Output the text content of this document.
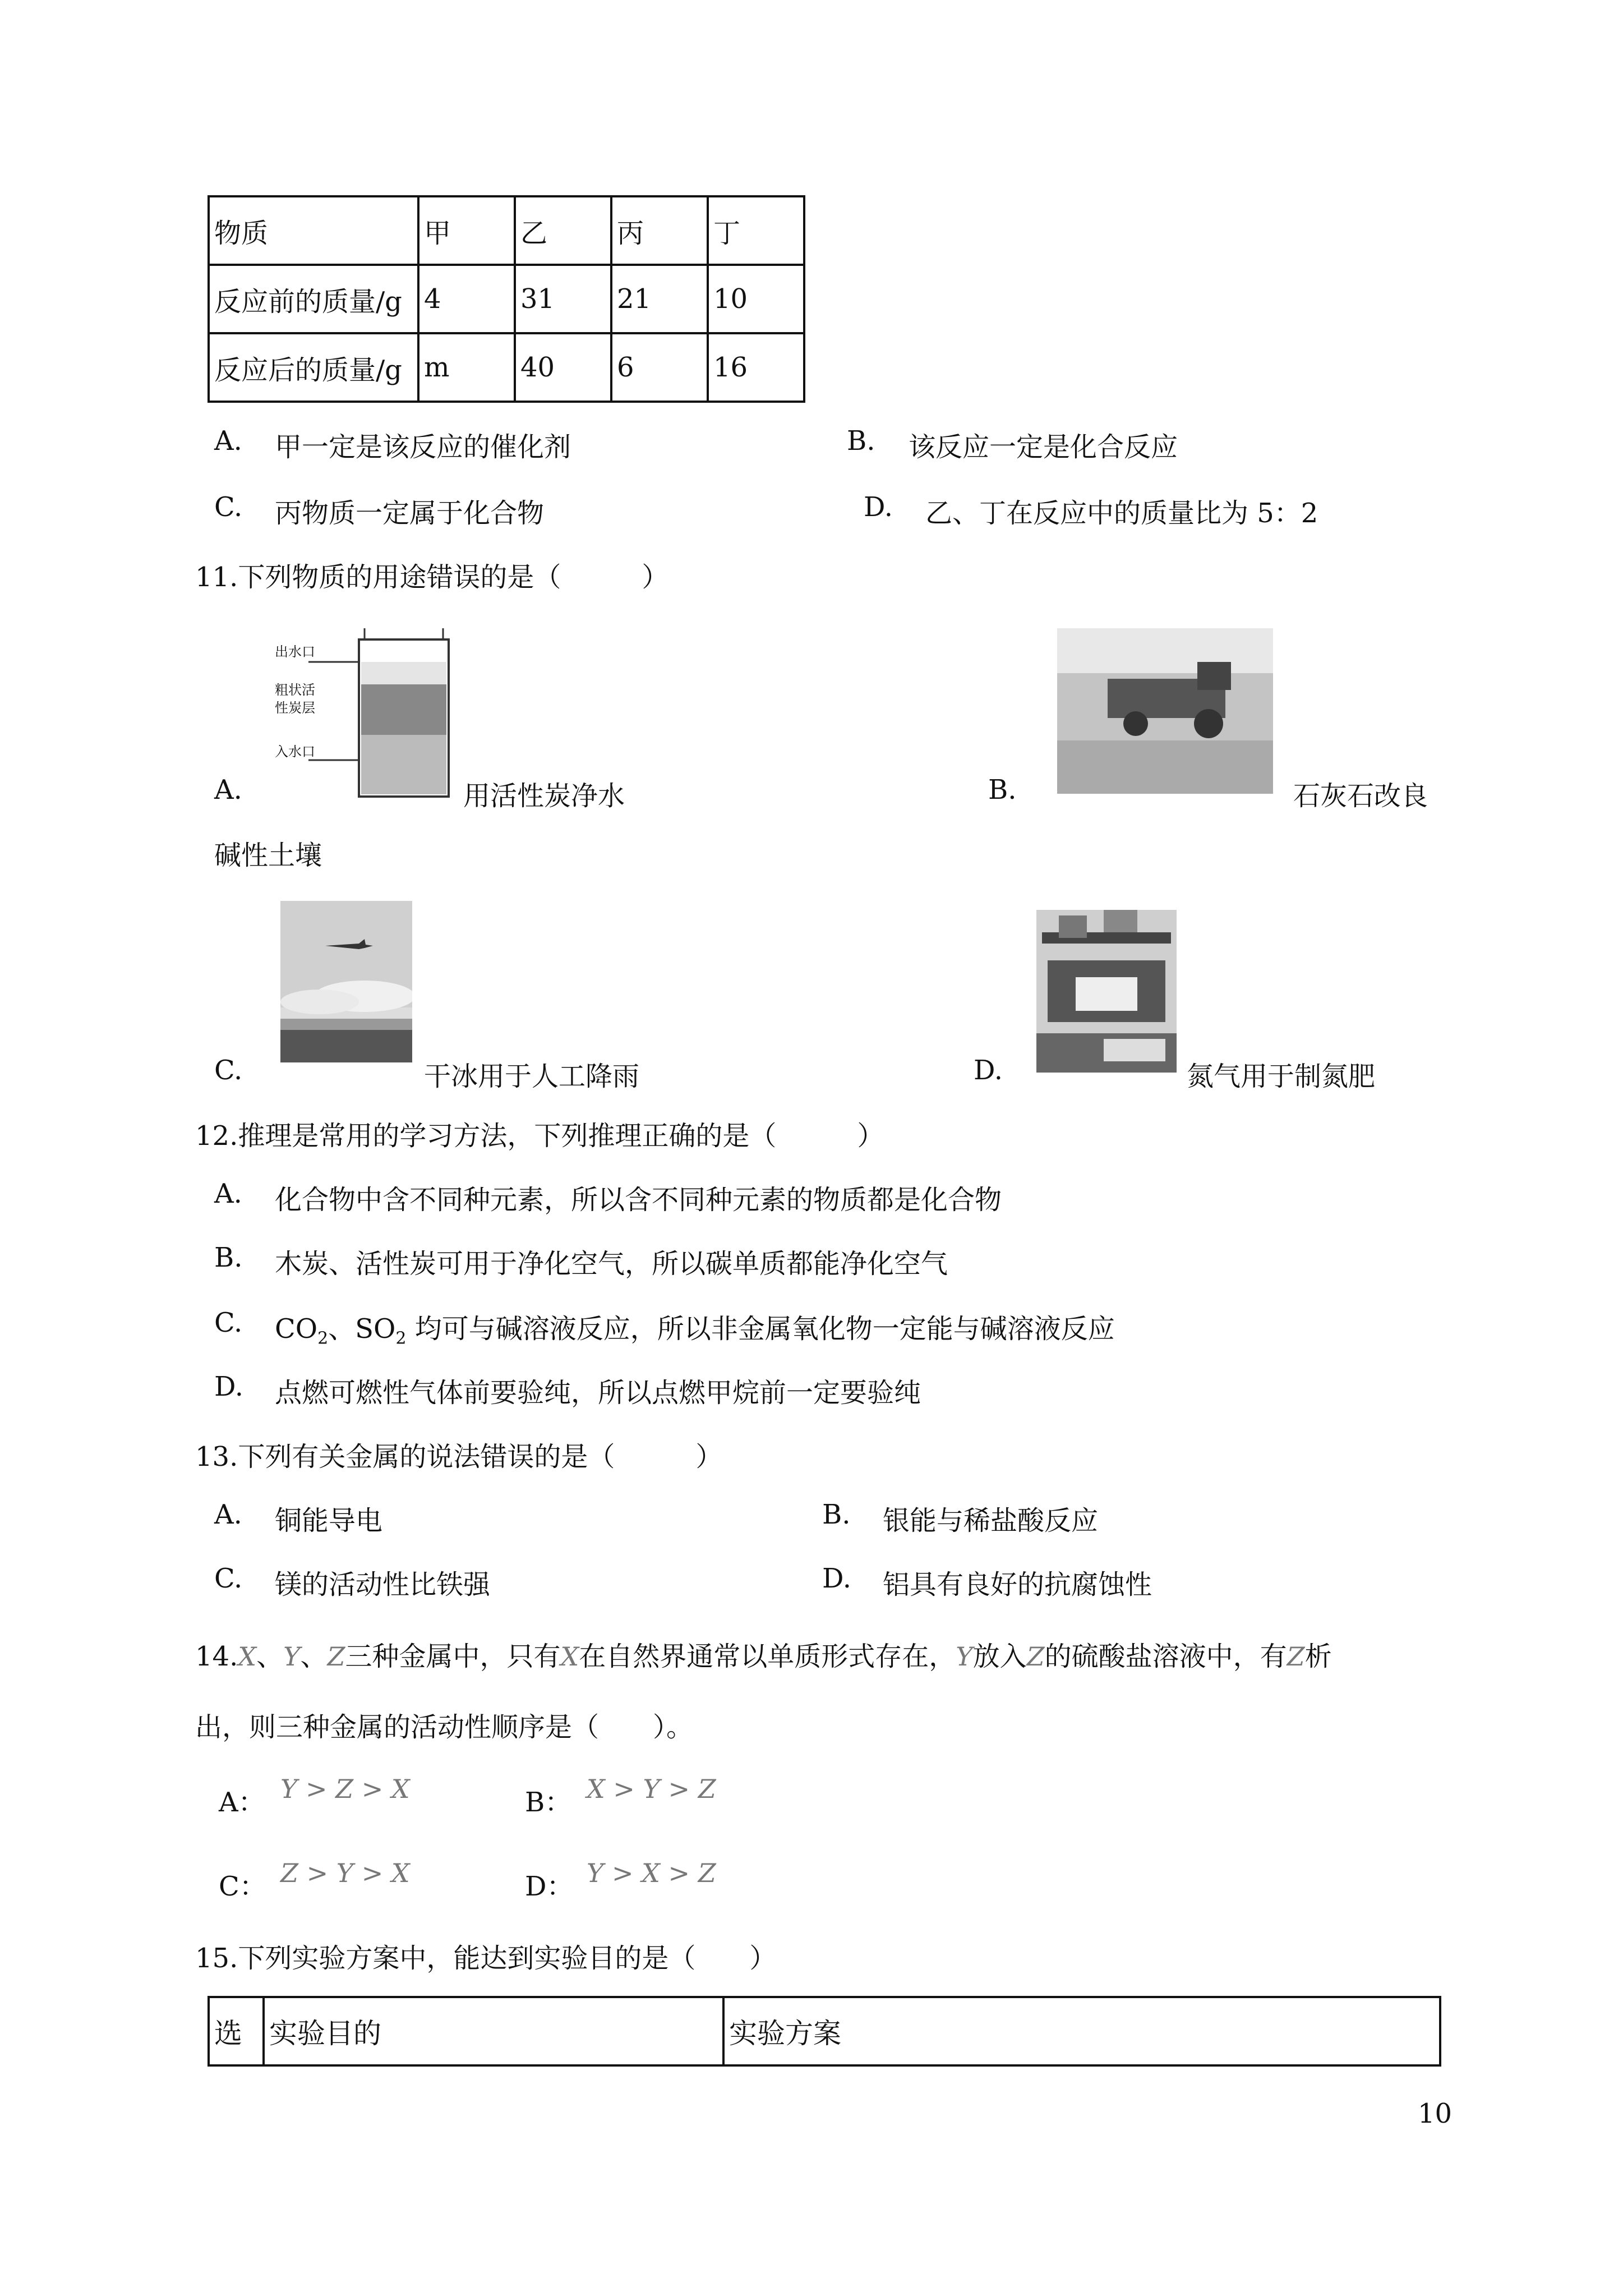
物质	甲	乙	丙	丁
反应前的质量/g	4	31	21	10
反应后的质量/g	m	40	6	16
A. 甲一定是该反应的催化剂	B. 该反应一定是化合反应
C. 丙物质一定属于化合物	D. 乙、丁在反应中的质量比为 5：2
11.下列物质的用途错误的是（　　　）
出水口
粗状活
性炭层
入水口
A.	用活性炭净水	B.	石灰石改良
碱性土壤
C.	干冰用于人工降雨	D.	氮气用于制氮肥
12.推理是常用的学习方法，下列推理正确的是（　　　）
A. 化合物中含不同种元素，所以含不同种元素的物质都是化合物
B. 木炭、活性炭可用于净化空气，所以碳单质都能净化空气
C. $CO_2$、$SO_2$ 均可与碱溶液反应，所以非金属氧化物一定能与碱溶液反应
D. 点燃可燃性气体前要验纯，所以点燃甲烷前一定要验纯
13.下列有关金属的说法错误的是（　　　）
A. 铜能导电	B. 银能与稀盐酸反应
C. 镁的活动性比铁强	D. 铝具有良好的抗腐蚀性
14.X、Y、Z三种金属中，只有X在自然界通常以单质形式存在，Y放入Z的硫酸盐溶液中，有Z析
出，则三种金属的活动性顺序是（　　）。
A： Y > Z > X	B： X > Y > Z
C： Z > Y > X	D： Y > X > Z
15.下列实验方案中，能达到实验目的是（　　）
选	实验目的	实验方案
10
